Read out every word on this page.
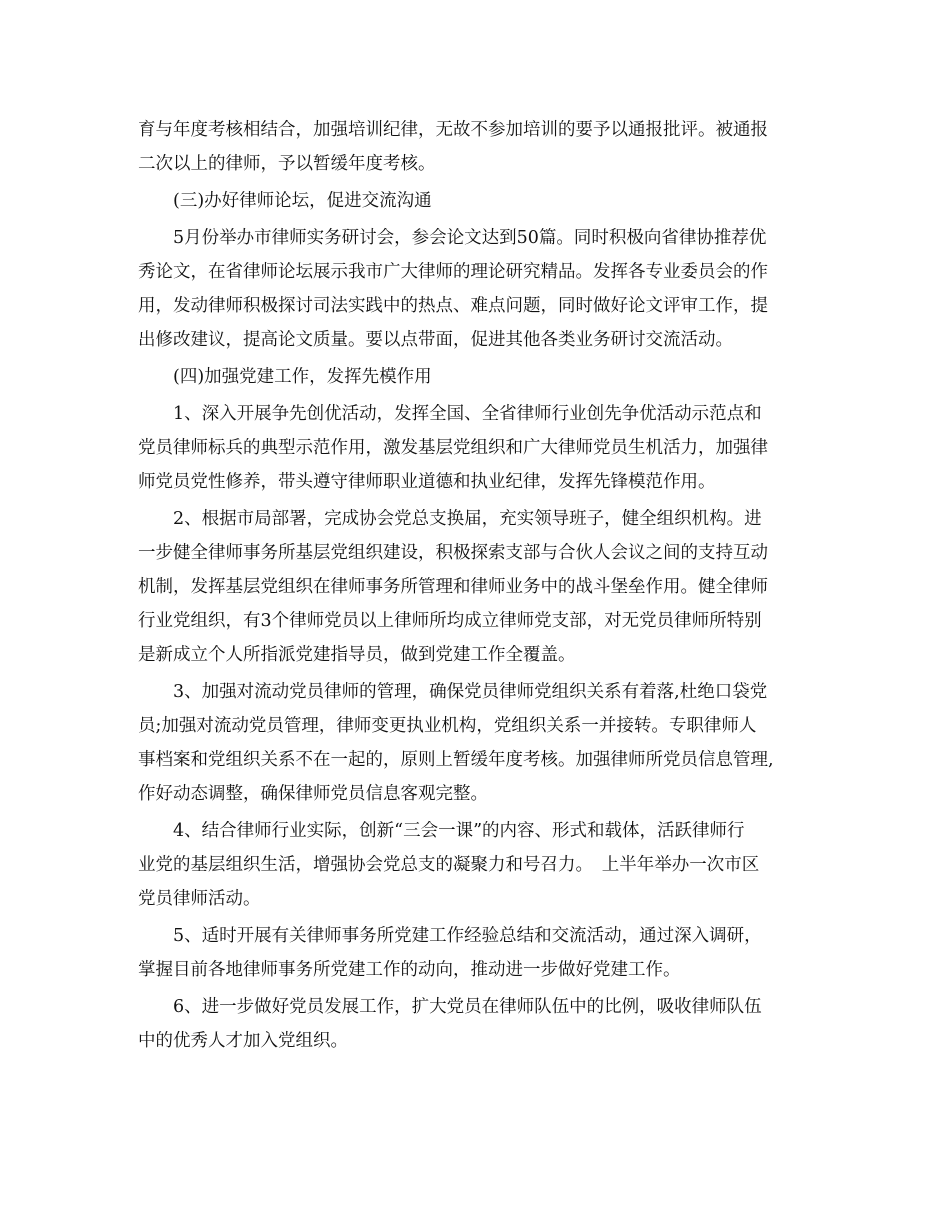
育与年度考核相结合，加强培训纪律，无故不参加培训的要予以通报批评。被通报
二次以上的律师，予以暂缓年度考核。
(三)办好律师论坛，促进交流沟通
5月份举办市律师实务研讨会，参会论文达到50篇。同时积极向省律协推荐优
秀论文，在省律师论坛展示我市广大律师的理论研究精品。发挥各专业委员会的作
用，发动律师积极探讨司法实践中的热点、难点问题，同时做好论文评审工作，提
出修改建议，提高论文质量。要以点带面，促进其他各类业务研讨交流活动。
(四)加强党建工作，发挥先模作用
1、深入开展争先创优活动，发挥全国、全省律师行业创先争优活动示范点和
党员律师标兵的典型示范作用，激发基层党组织和广大律师党员生机活力，加强律
师党员党性修养，带头遵守律师职业道德和执业纪律，发挥先锋模范作用。
2、根据市局部署，完成协会党总支换届，充实领导班子，健全组织机构。进
一步健全律师事务所基层党组织建设，积极探索支部与合伙人会议之间的支持互动
机制，发挥基层党组织在律师事务所管理和律师业务中的战斗堡垒作用。健全律师
行业党组织，有3个律师党员以上律师所均成立律师党支部，对无党员律师所特别
是新成立个人所指派党建指导员，做到党建工作全覆盖。
3、加强对流动党员律师的管理，确保党员律师党组织关系有着落,杜绝口袋党
员;加强对流动党员管理，律师变更执业机构，党组织关系一并接转。专职律师人
事档案和党组织关系不在一起的，原则上暂缓年度考核。加强律师所党员信息管理,
作好动态调整，确保律师党员信息客观完整。
4、结合律师行业实际，创新“三会一课”的内容、形式和载体，活跃律师行
业党的基层组织生活，增强协会党总支的凝聚力和号召力。　上半年举办一次市区
党员律师活动。
5、适时开展有关律师事务所党建工作经验总结和交流活动，通过深入调研，
掌握目前各地律师事务所党建工作的动向，推动进一步做好党建工作。
6、进一步做好党员发展工作，扩大党员在律师队伍中的比例，吸收律师队伍
中的优秀人才加入党组织。
